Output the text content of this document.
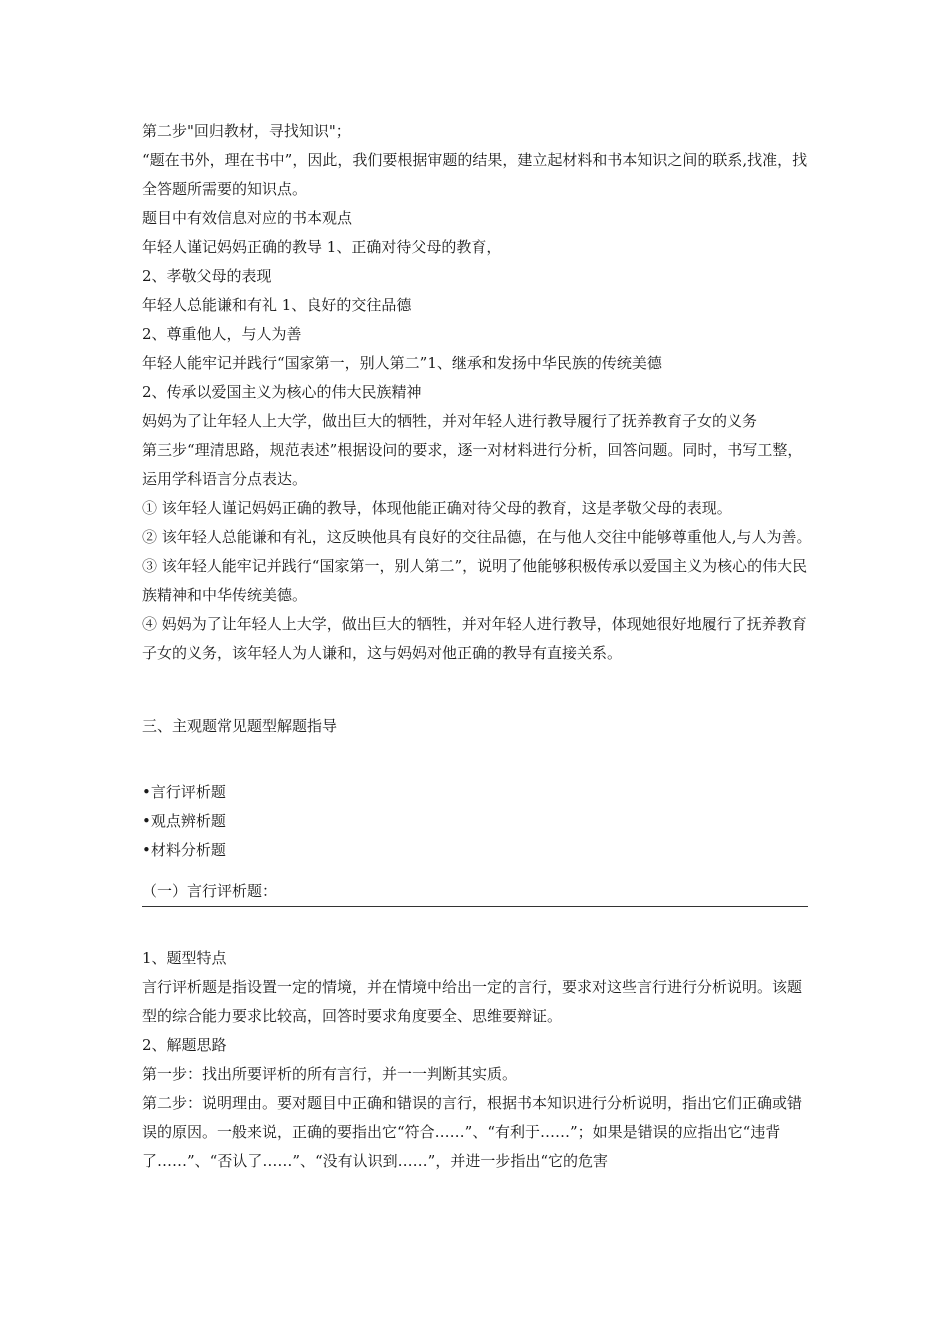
第二步"回归教材，寻找知识"；

“题在书外，理在书中”，因此，我们要根据审题的结果，建立起材料和书本知识之间的联系,找准，找全答题所需要的知识点。

题目中有效信息对应的书本观点

年轻人谨记妈妈正确的教导 1、正确对待父母的教育，

2、孝敬父母的表现

年轻人总能谦和有礼 1、良好的交往品德

2、尊重他人，与人为善

年轻人能牢记并践行“国家第一，别人第二”1、继承和发扬中华民族的传统美德

2、传承以爱国主义为核心的伟大民族精神

妈妈为了让年轻人上大学，做出巨大的牺牲，并对年轻人进行教导履行了抚养教育子女的义务

第三步“理清思路，规范表述”根据设问的要求，逐一对材料进行分析，回答问题。同时，书写工整，运用学科语言分点表达。

① 该年轻人谨记妈妈正确的教导，体现他能正确对待父母的教育，这是孝敬父母的表现。

② 该年轻人总能谦和有礼，这反映他具有良好的交往品德，在与他人交往中能够尊重他人,与人为善。

③ 该年轻人能牢记并践行“国家第一，别人第二”，说明了他能够积极传承以爱国主义为核心的伟大民族精神和中华传统美德。

④ 妈妈为了让年轻人上大学，做出巨大的牺牲，并对年轻人进行教导，体现她很好地履行了抚养教育子女的义务，该年轻人为人谦和，这与妈妈对他正确的教导有直接关系。

三、主观题常见题型解题指导

•言行评析题

•观点辨析题

•材料分析题

（一）言行评析题：

1、题型特点

言行评析题是指设置一定的情境，并在情境中给出一定的言行，要求对这些言行进行分析说明。该题型的综合能力要求比较高，回答时要求角度要全、思维要辩证。

2、解题思路

第一步：找出所要评析的所有言行，并一一判断其实质。

第二步：说明理由。要对题目中正确和错误的言行，根据书本知识进行分析说明，指出它们正确或错误的原因。一般来说，正确的要指出它“符合……”、“有利于……”；如果是错误的应指出它“违背了……”、“否认了……”、“没有认识到……”，并进一步指出“它的危害
